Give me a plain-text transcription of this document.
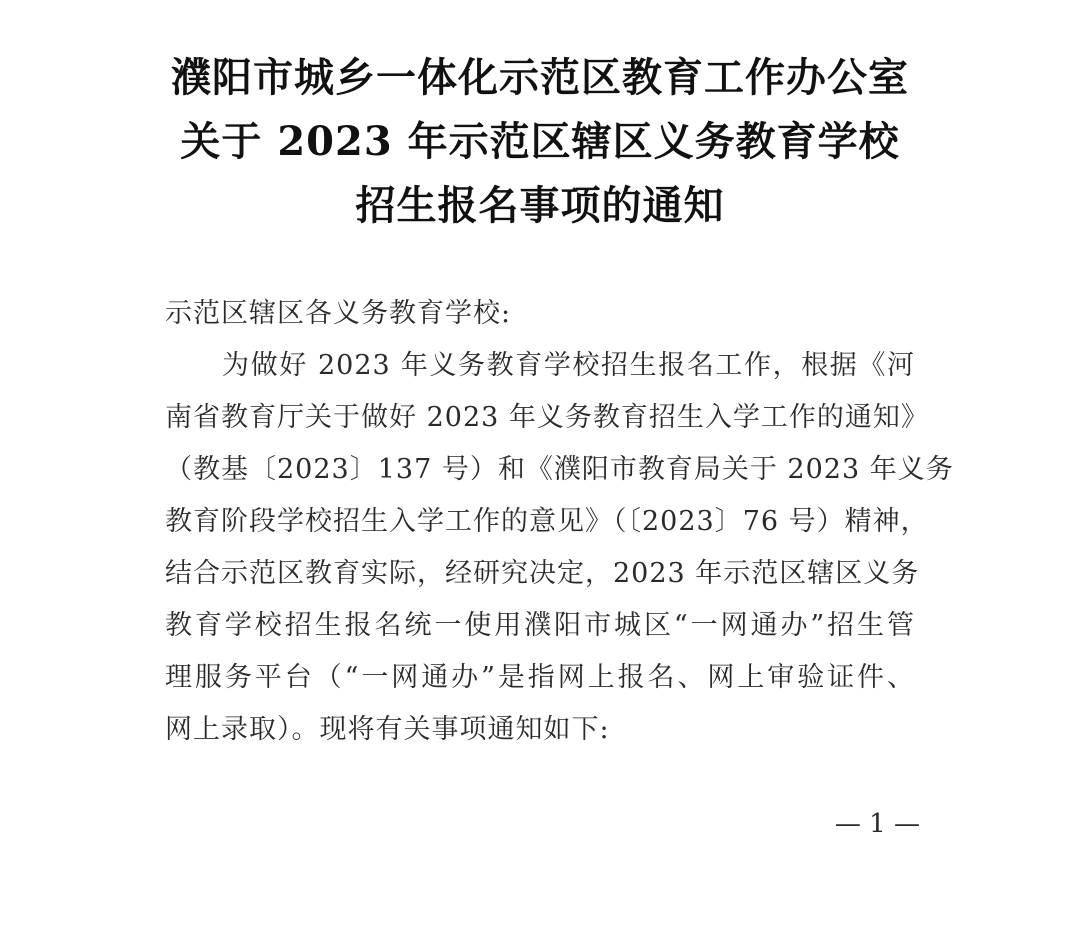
濮阳市城乡一体化示范区教育工作办公室
关于 2023 年示范区辖区义务教育学校
招生报名事项的通知
示范区辖区各义务教育学校:
为做好 2023 年义务教育学校招生报名工作，根据《河
南省教育厅关于做好 2023 年义务教育招生入学工作的通知》
（教基〔2023〕137 号）和《濮阳市教育局关于 2023 年义务
教育阶段学校招生入学工作的意见》（〔2023〕76 号）精神，
结合示范区教育实际，经研究决定，2023 年示范区辖区义务
教育学校招生报名统一使用濮阳市城区“一网通办”招生管
理服务平台（“一网通办”是指网上报名、网上审验证件、
网上录取）。现将有关事项通知如下:
— 1 —
